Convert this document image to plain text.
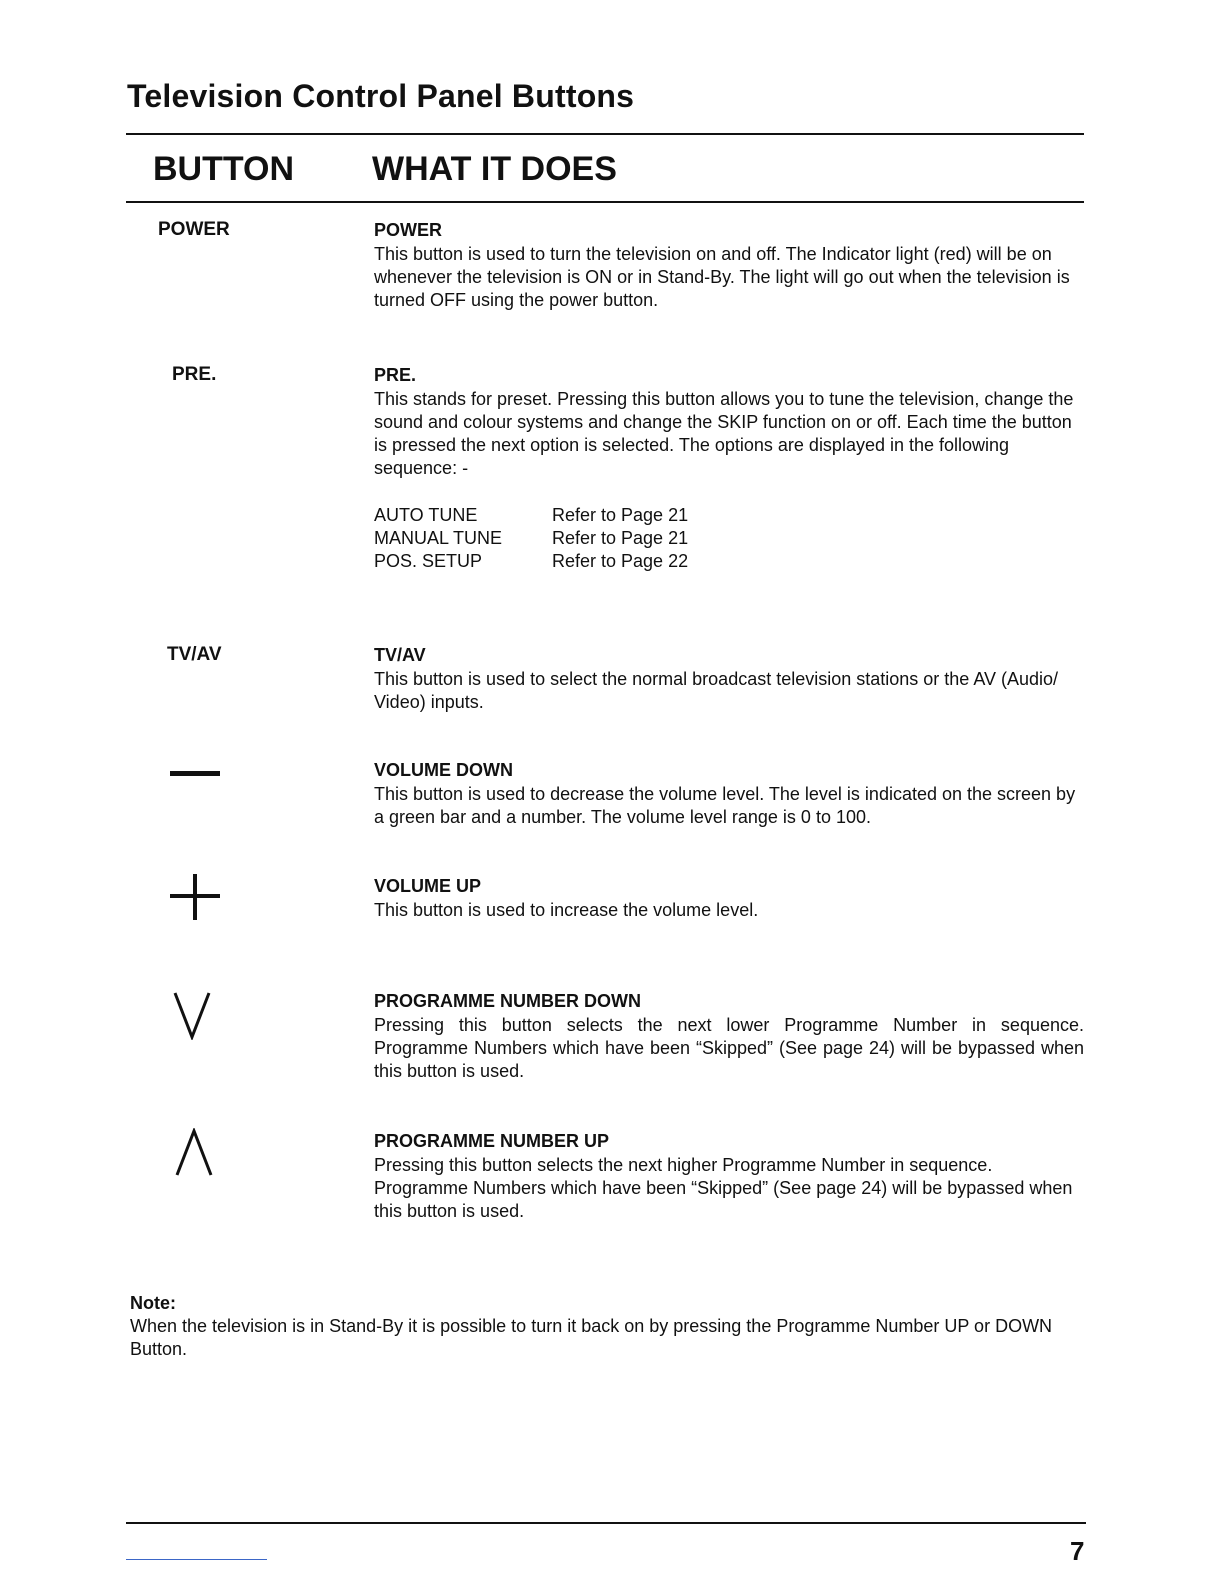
Television Control Panel Buttons
BUTTON WHAT IT DOES
POWER	POWER

This button is used to turn the television on and off. The Indicator light (red) will be on whenever the television is ON or in Stand-By. The light will go out when the television is turned OFF using the power button.

PRE.	PRE.

This stands for preset. Pressing this button allows you to tune the television, change the sound and colour systems and change the SKIP function on or off. Each time the button is pressed the next option is selected. The options are displayed in the following sequence: -

AUTO TUNE	Refer to Page 21
MANUAL TUNE	Refer to Page 21
POS. SETUP	Refer to Page 22
TV/AV	TV/AV

This button is used to select the normal broadcast television stations or the AV (Audio/ Video) inputs.

VOLUME DOWN

This button is used to decrease the volume level. The level is indicated on the screen by a green bar and a number. The volume level range is 0 to 100.

VOLUME UP

This button is used to increase the volume level.

PROGRAMME NUMBER DOWN

Pressing this button selects the next lower Programme Number in sequence. Programme Numbers which have been “Skipped” (See page 24) will be bypassed when this button is used.

PROGRAMME NUMBER UP

Pressing this button selects the next higher Programme Number in sequence. Programme Numbers which have been “Skipped” (See page 24) will be bypassed when this button is used.

Note:

When the television is in Stand-By it is possible to turn it back on by pressing the Programme Number UP or DOWN Button.

7
